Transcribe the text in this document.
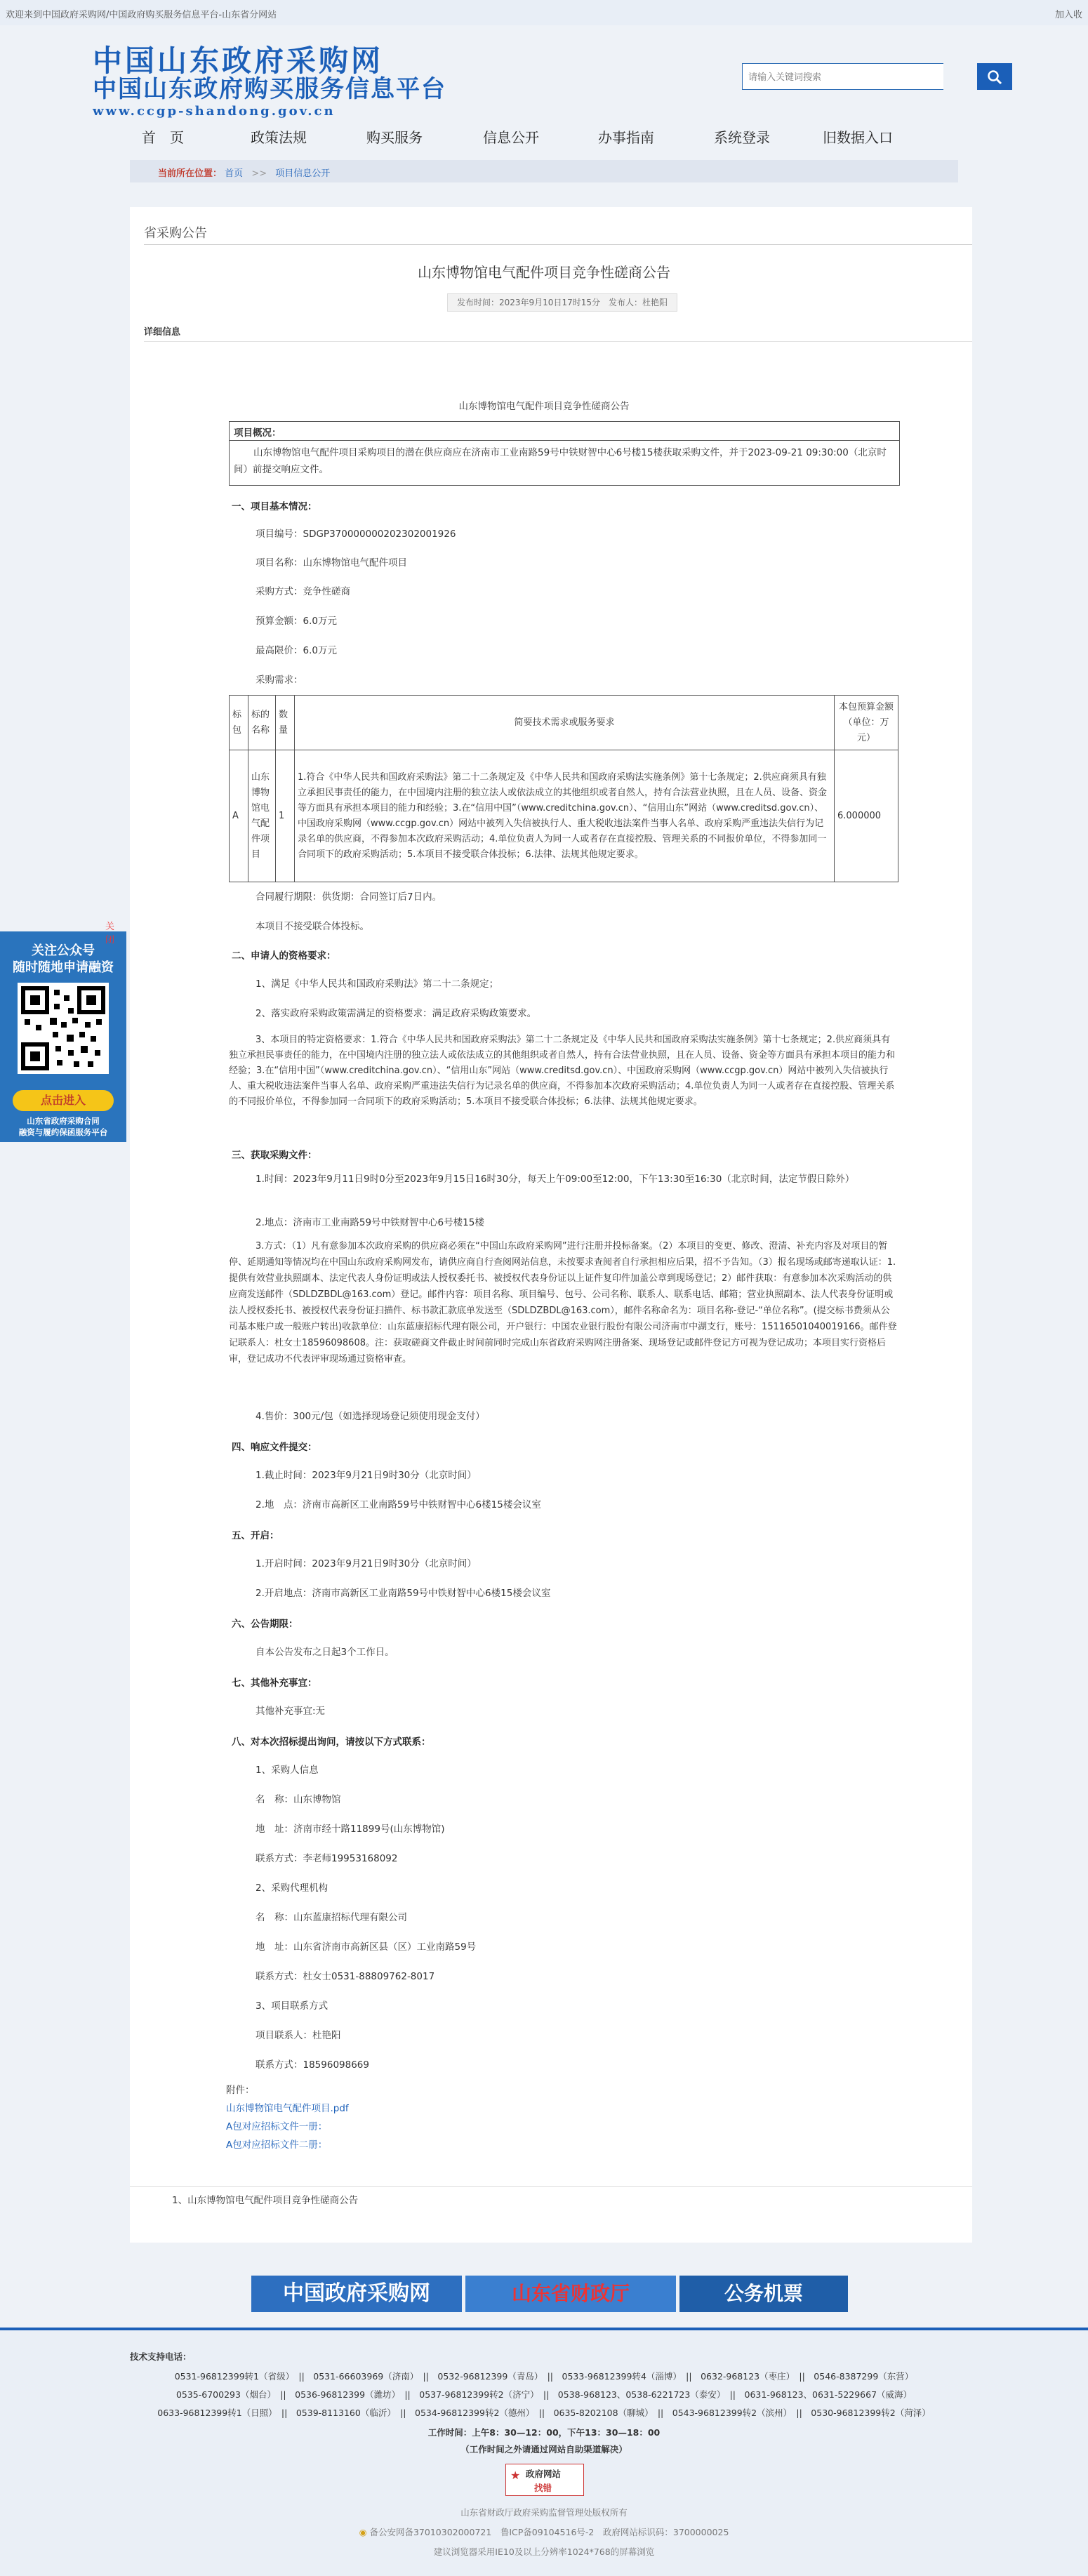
欢迎来到中国政府采购网/中国政府购买服务信息平台-山东省分网站	加入收
中国山东政府采购网
中国山东政府购买服务信息平台
www.ccgp-shandong.gov.cn
请输入关键词搜索
首　页	政策法规	购买服务	信息公开	办事指南	系统登录	旧数据入口
当前所在位置： 首页 >> 项目信息公开
省采购公告
山东博物馆电气配件项目竞争性磋商公告
发布时间：2023年9月10日17时15分　发布人：杜艳阳
详细信息
山东博物馆电气配件项目竞争性磋商公告
项目概况：
山东博物馆电气配件项目采购项目的潜在供应商应在济南市工业南路59号中铁财智中心6号楼15楼获取采购文件，并于2023-09-21 09:30:00（北京时间）前提交响应文件。
一、项目基本情况：
项目编号：SDGP370000000202302001926
项目名称：山东博物馆电气配件项目
采购方式：竞争性磋商
预算金额：6.0万元
最高限价：6.0万元
采购需求：
标包	标的名称	数量	简要技术需求或服务要求	本包预算金额（单位：万元）
A	山东博物馆电气配件项目	1	1.符合《中华人民共和国政府采购法》第二十二条规定及《中华人民共和国政府采购法实施条例》第十七条规定；2.供应商须具有独立承担民事责任的能力，在中国境内注册的独立法人或依法成立的其他组织或者自然人，持有合法营业执照，且在人员、设备、资金等方面具有承担本项目的能力和经验；3.在“信用中国”（www.creditchina.gov.cn）、“信用山东”网站（www.creditsd.gov.cn）、中国政府采购网（www.ccgp.gov.cn）网站中被列入失信被执行人、重大税收违法案件当事人名单、政府采购严重违法失信行为记录名单的供应商，不得参加本次政府采购活动；4.单位负责人为同一人或者存在直接控股、管理关系的不同报价单位，不得参加同一合同项下的政府采购活动；5.本项目不接受联合体投标；6.法律、法规其他规定要求。	6.000000
合同履行期限：供货期：合同签订后7日内。
本项目不接受联合体投标。
二、申请人的资格要求：
1、满足《中华人民共和国政府采购法》第二十二条规定；
2、落实政府采购政策需满足的资格要求：满足政府采购政策要求。
3、本项目的特定资格要求：1.符合《中华人民共和国政府采购法》第二十二条规定及《中华人民共和国政府采购法实施条例》第十七条规定；2.供应商须具有独立承担民事责任的能力，在中国境内注册的独立法人或依法成立的其他组织或者自然人，持有合法营业执照，且在人员、设备、资金等方面具有承担本项目的能力和经验；3.在“信用中国”（www.creditchina.gov.cn）、“信用山东”网站（www.creditsd.gov.cn）、中国政府采购网（www.ccgp.gov.cn）网站中被列入失信被执行人、重大税收违法案件当事人名单、政府采购严重违法失信行为记录名单的供应商，不得参加本次政府采购活动；4.单位负责人为同一人或者存在直接控股、管理关系的不同报价单位，不得参加同一合同项下的政府采购活动；5.本项目不接受联合体投标；6.法律、法规其他规定要求。
三、获取采购文件：
1.时间：2023年9月11日9时0分至2023年9月15日16时30分，每天上午09:00至12:00，下午13:30至16:30（北京时间，法定节假日除外）
2.地点：济南市工业南路59号中铁财智中心6号楼15楼
3.方式：（1）凡有意参加本次政府采购的供应商必须在“中国山东政府采购网”进行注册并投标备案。（2）本项目的变更、修改、澄清、补充内容及对项目的暂停、延期通知等情况均在中国山东政府采购网发布，请供应商自行查阅网站信息，未按要求查阅者自行承担相应后果，招不予告知。（3）报名现场或邮寄递取认证：1.提供有效营业执照副本、法定代表人身份证明或法人授权委托书、被授权代表身份证以上证件复印件加盖公章到现场登记；2）邮件获取：有意参加本次采购活动的供应商发送邮件（SDLDZBDL@163.com）登记。邮件内容：项目名称、项目编号、包号、公司名称、联系人、联系电话、邮箱；营业执照副本、法人代表身份证明或法人授权委托书、被授权代表身份证扫描件、标书款汇款底单发送至（SDLDZBDL@163.com），邮件名称命名为：项目名称-登记-“单位名称”。(提交标书费须从公司基本账户或一般账户转出)收款单位：山东蓝康招标代理有限公司，开户银行：中国农业银行股份有限公司济南市中湖支行，账号：15116501040019166。邮件登记联系人：杜女士18596098608。注：获取磋商文件截止时间前同时完成山东省政府采购网注册备案、现场登记或邮件登记方可视为登记成功；本项目实行资格后审，登记成功不代表评审现场通过资格审查。
4.售价：300元/包（如选择现场登记须使用现金支付）
四、响应文件提交：
1.截止时间：2023年9月21日9时30分（北京时间）
2.地　点：济南市高新区工业南路59号中铁财智中心6楼15楼会议室
五、开启：
1.开启时间：2023年9月21日9时30分（北京时间）
2.开启地点：济南市高新区工业南路59号中铁财智中心6楼15楼会议室
六、公告期限：
自本公告发布之日起3个工作日。
七、其他补充事宜：
其他补充事宜:无
八、对本次招标提出询问，请按以下方式联系：
1、采购人信息
名　称：山东博物馆
地　址：济南市经十路11899号(山东博物馆)
联系方式：李老师19953168092
2、采购代理机构
名　称：山东蓝康招标代理有限公司
地　址：山东省济南市高新区县（区）工业南路59号
联系方式：杜女士0531-88809762-8017
3、项目联系方式
项目联系人：杜艳阳
联系方式：18596098669
附件：
山东博物馆电气配件项目.pdf
A包对应招标文件一册：
A包对应招标文件二册：
1、山东博物馆电气配件项目竞争性磋商公告
关 闭
关注公众号
随时随地申请融资
点击进入
山东省政府采购合同
融资与履约保函服务平台
中国政府采购网	山东省财政厅	公务机票
技术支持电话：
0531-96812399转1（省级）　||　0531-66603969（济南）　||　0532-96812399（青岛）　||　0533-96812399转4（淄博）　||　0632-968123（枣庄）　||　0546-8387299（东营）
0535-6700293（烟台）　||　0536-96812399（潍坊）　||　0537-96812399转2（济宁）　||　0538-968123、0538-6221723（泰安）　||　0631-968123、0631-5229667（威海）
0633-96812399转1（日照）　||　0539-8113160（临沂）　||　0534-96812399转2（德州）　||　0635-8202108（聊城）　||　0543-96812399转2（滨州）　||　0530-96812399转2（菏泽）
工作时间：上午8：30—12：00，下午13：30—18：00
（工作时间之外请通过网站自助渠道解决）
★ 政府网站
找错
山东省财政厅政府采购监督管理处版权所有
◉ 备公安网备37010302000721　鲁ICP备09104516号-2　政府网站标识码：3700000025
建议浏览器采用IE10及以上分辨率1024*768的屏幕浏览
